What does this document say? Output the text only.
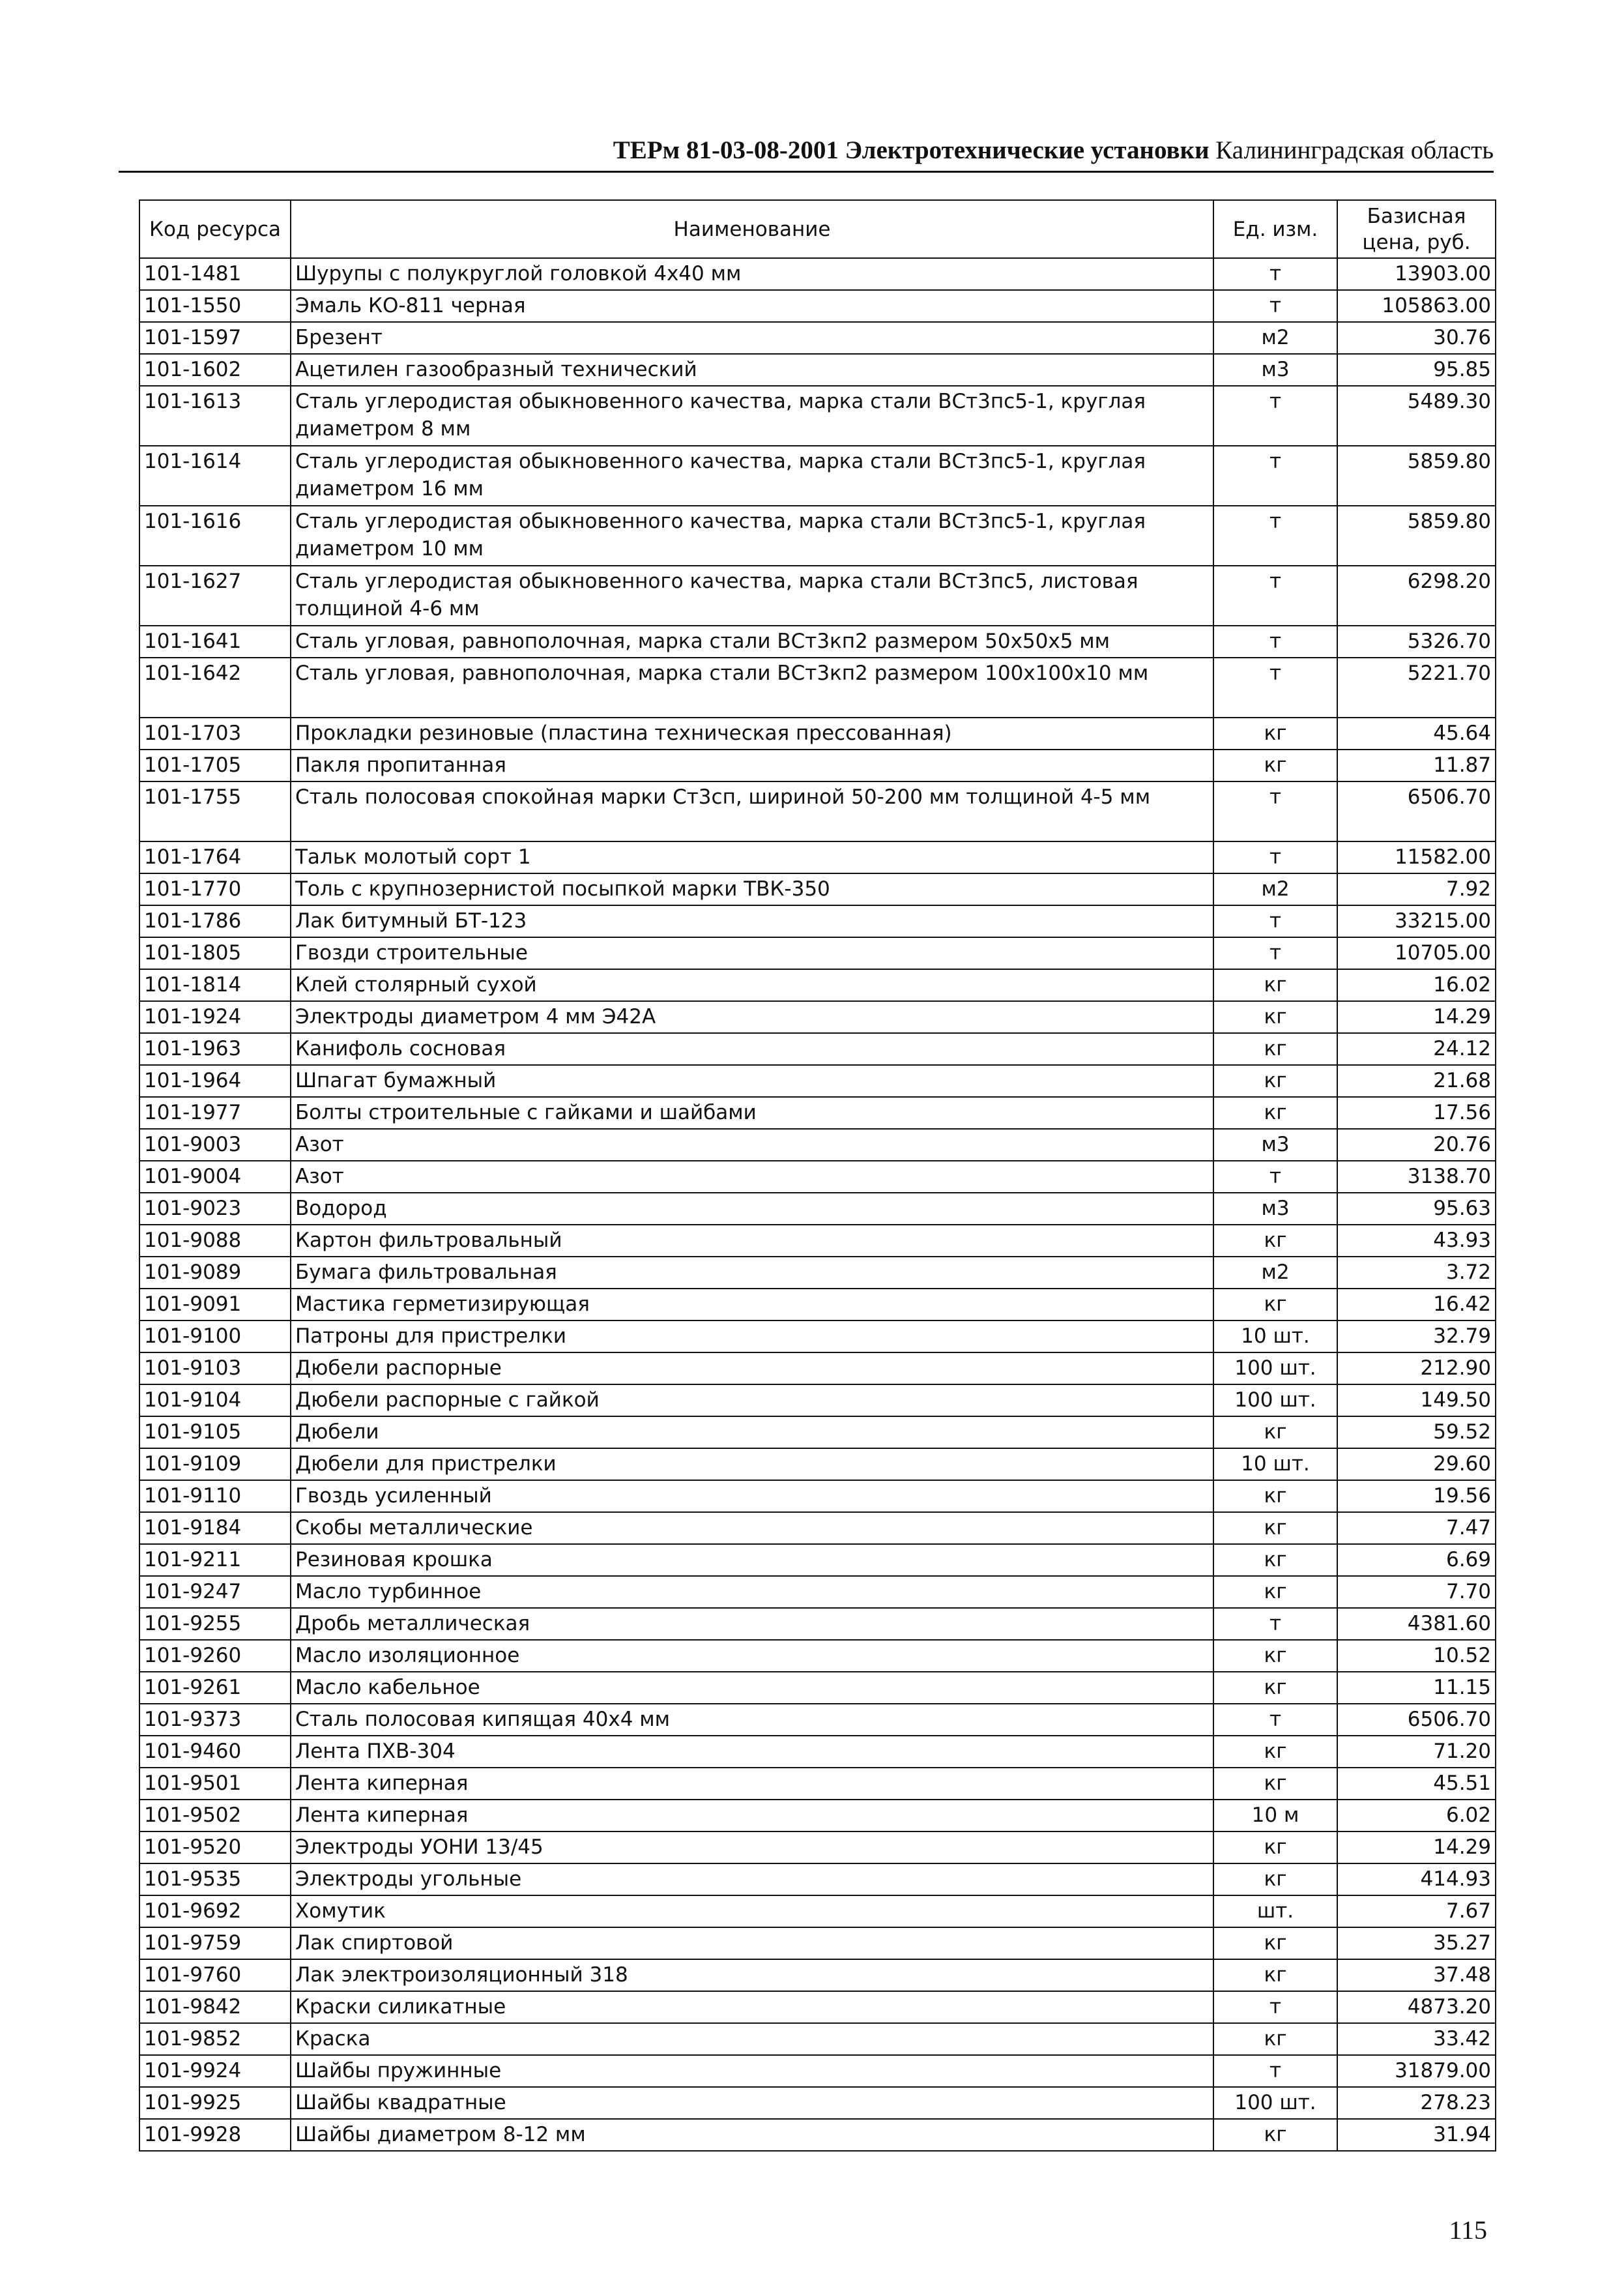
ТЕРм 81-03-08-2001 Электротехнические установки Калининградская область
Код ресурса	Наименование	Ед. изм.	Базисная цена, руб.
101-1481	Шурупы с полукруглой головкой 4х40 мм	т	13903.00
101-1550	Эмаль КО-811 черная	т	105863.00
101-1597	Брезент	м2	30.76
101-1602	Ацетилен газообразный технический	м3	95.85
101-1613	Сталь углеродистая обыкновенного качества, марка стали ВСт3пс5-1, круглая диаметром 8 мм	т	5489.30
101-1614	Сталь углеродистая обыкновенного качества, марка стали ВСт3пс5-1, круглая диаметром 16 мм	т	5859.80
101-1616	Сталь углеродистая обыкновенного качества, марка стали ВСт3пс5-1, круглая диаметром 10 мм	т	5859.80
101-1627	Сталь углеродистая обыкновенного качества, марка стали ВСт3пс5, листовая толщиной 4-6 мм	т	6298.20
101-1641	Сталь угловая, равнополочная, марка стали ВСт3кп2 размером 50х50х5 мм	т	5326.70
101-1642	Сталь угловая, равнополочная, марка стали ВСт3кп2 размером 100х100х10 мм	т	5221.70
101-1703	Прокладки резиновые (пластина техническая прессованная)	кг	45.64
101-1705	Пакля пропитанная	кг	11.87
101-1755	Сталь полосовая спокойная марки Ст3сп, шириной 50-200 мм толщиной 4-5 мм	т	6506.70
101-1764	Тальк молотый сорт 1	т	11582.00
101-1770	Толь с крупнозернистой посыпкой марки ТВК-350	м2	7.92
101-1786	Лак битумный БТ-123	т	33215.00
101-1805	Гвозди строительные	т	10705.00
101-1814	Клей столярный сухой	кг	16.02
101-1924	Электроды диаметром 4 мм Э42А	кг	14.29
101-1963	Канифоль сосновая	кг	24.12
101-1964	Шпагат бумажный	кг	21.68
101-1977	Болты строительные с гайками и шайбами	кг	17.56
101-9003	Азот	м3	20.76
101-9004	Азот	т	3138.70
101-9023	Водород	м3	95.63
101-9088	Картон фильтровальный	кг	43.93
101-9089	Бумага фильтровальная	м2	3.72
101-9091	Мастика герметизирующая	кг	16.42
101-9100	Патроны для пристрелки	10 шт.	32.79
101-9103	Дюбели распорные	100 шт.	212.90
101-9104	Дюбели распорные с гайкой	100 шт.	149.50
101-9105	Дюбели	кг	59.52
101-9109	Дюбели для пристрелки	10 шт.	29.60
101-9110	Гвоздь усиленный	кг	19.56
101-9184	Скобы металлические	кг	7.47
101-9211	Резиновая крошка	кг	6.69
101-9247	Масло турбинное	кг	7.70
101-9255	Дробь металлическая	т	4381.60
101-9260	Масло изоляционное	кг	10.52
101-9261	Масло кабельное	кг	11.15
101-9373	Сталь полосовая кипящая 40х4 мм	т	6506.70
101-9460	Лента ПХВ-304	кг	71.20
101-9501	Лента киперная	кг	45.51
101-9502	Лента киперная	10 м	6.02
101-9520	Электроды УОНИ 13/45	кг	14.29
101-9535	Электроды угольные	кг	414.93
101-9692	Хомутик	шт.	7.67
101-9759	Лак спиртовой	кг	35.27
101-9760	Лак электроизоляционный 318	кг	37.48
101-9842	Краски силикатные	т	4873.20
101-9852	Краска	кг	33.42
101-9924	Шайбы пружинные	т	31879.00
101-9925	Шайбы квадратные	100 шт.	278.23
101-9928	Шайбы диаметром 8-12 мм	кг	31.94
115
